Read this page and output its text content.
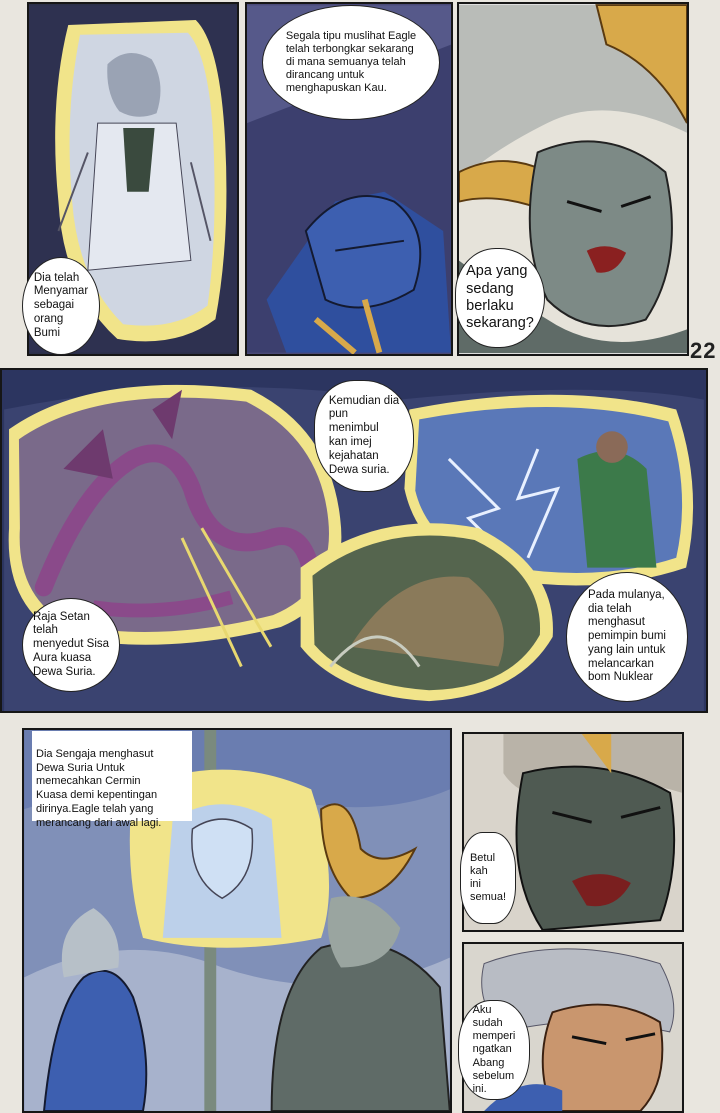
22
Dia telah
Menyamar
sebagai
orang
Bumi
Segala tipu muslihat Eagle
telah terbongkar sekarang
di mana semuanya telah
dirancang untuk
menghapuskan Kau.
Apa yang
sedang
berlaku
sekarang?
Kemudian dia
pun
menimbul
kan imej
kejahatan
Dewa suria.
Raja Setan
telah
menyedut Sisa
Aura kuasa
Dewa Suria.
Pada mulanya,
dia telah
menghasut
pemimpin bumi
yang lain untuk
melancarkan
bom Nuklear

Dia Sengaja menghasut
Dewa Suria Untuk
memecahkan Cermin
Kuasa demi kepentingan
dirinya.Eagle telah yang
merancang dari awal lagi.

Betul
kah
ini
semua!
Aku
sudah
memperi
ngatkan
Abang
sebelum
ini.
